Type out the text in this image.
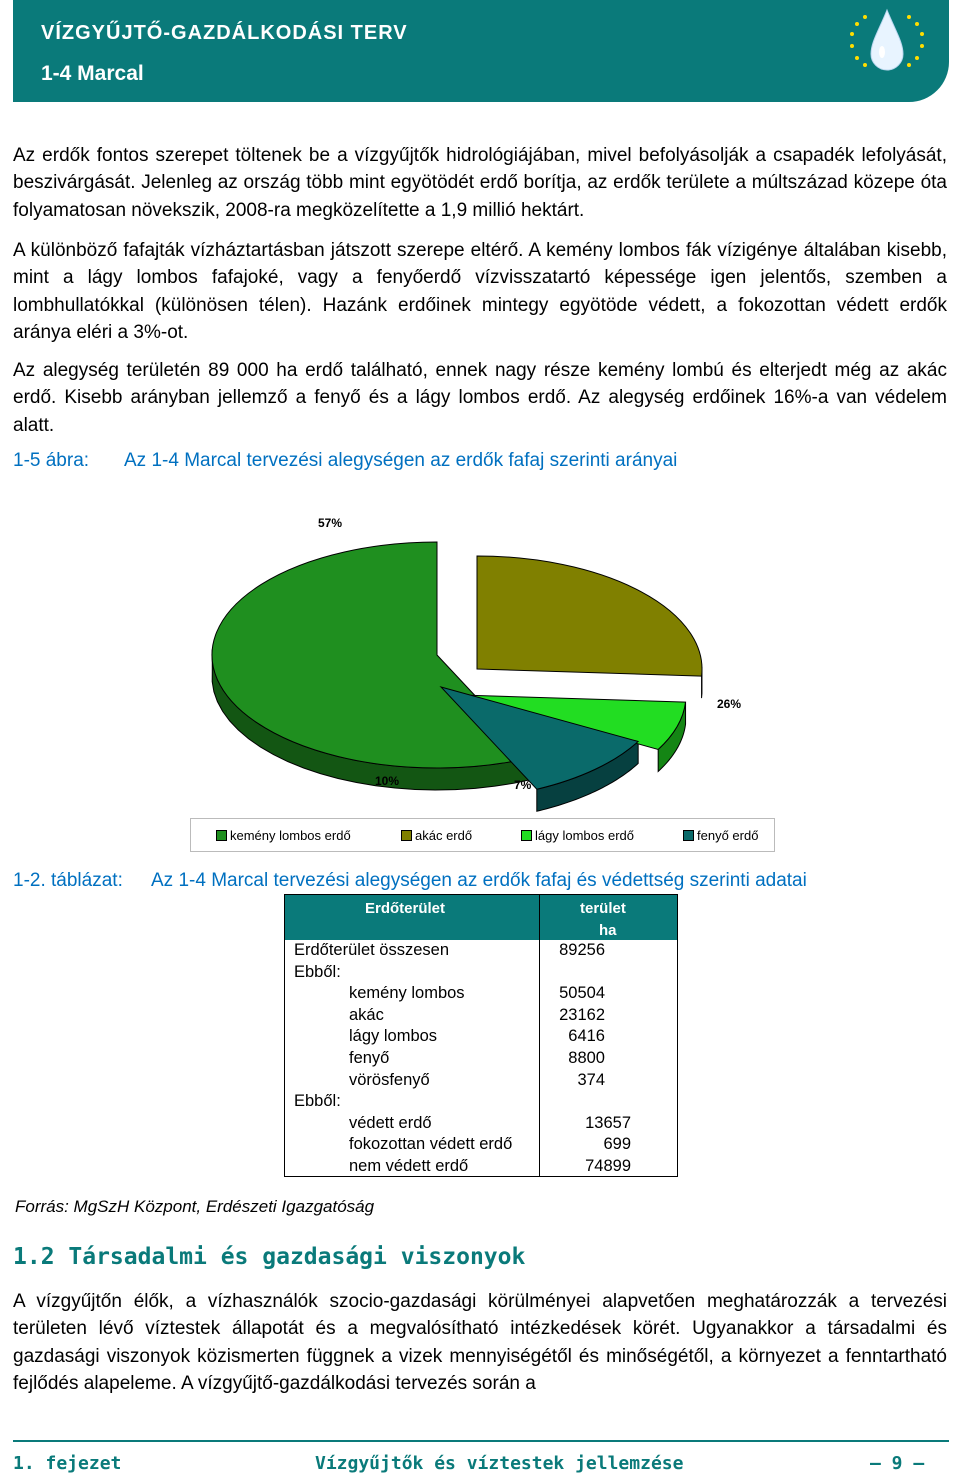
VÍZGYŰJTŐ-GAZDÁLKODÁSI TERV
1-4 Marcal
Az erdők fontos szerepet töltenek be a vízgyűjtők hidrológiájában, mivel befolyásolják a csapadék lefolyását, beszivárgását. Jelenleg az ország több mint egyötödét erdő borítja, az erdők területe a múltszázad közepe óta folyamatosan növekszik, 2008-ra megközelítette a 1,9 millió hektárt.
A különböző fafajták vízháztartásban játszott szerepe eltérő. A kemény lombos fák vízigénye általában kisebb, mint a lágy lombos fafajoké, vagy a fenyőerdő vízvisszatartó képessége igen jelentős, szemben a lombhullatókkal (különösen télen). Hazánk erdőinek mintegy egyötöde védett, a fokozottan védett erdők aránya eléri a 3%-ot.
Az alegység területén 89 000 ha erdő található, ennek nagy része kemény lombú és elterjedt még az akác erdő. Kisebb arányban jellemző a fenyő és a lágy lombos erdő. Az alegység erdőinek 16%-a van védelem alatt.
1-5 ábra: Az 1-4 Marcal tervezési alegységen az erdők fafaj szerinti arányai
57%
26%
7%
10%
kemény lombos erdő	akác erdő	lágy lombos erdő	fenyő erdő
1-2. táblázat: Az 1-4 Marcal tervezési alegységen az erdők fafaj és védettség szerinti adatai
Erdőterület	terület
ha
Erdőterület összesen	89256
Ebből:
kemény lombos	50504
akác	23162
lágy lombos	6416
fenyő	8800
vörösfenyő	374
Ebből:
védett erdő	13657
fokozottan védett erdő	699
nem védett erdő	74899
Forrás: MgSzH Központ, Erdészeti Igazgatóság
1.2 Társadalmi és gazdasági viszonyok
A vízgyűjtőn élők, a vízhasználók szocio-gazdasági körülményei alapvetően meghatározzák a tervezési területen lévő víztestek állapotát és a megvalósítható intézkedések körét. Ugyanakkor a társadalmi és gazdasági viszonyok közismerten függnek a vizek mennyiségétől és minőségétől, a környezet a fenntartható fejlődés alapeleme. A vízgyűjtő-gazdálkodási tervezés során a
1. fejezet	Vízgyűjtők és víztestek jellemzése	— 9 —
